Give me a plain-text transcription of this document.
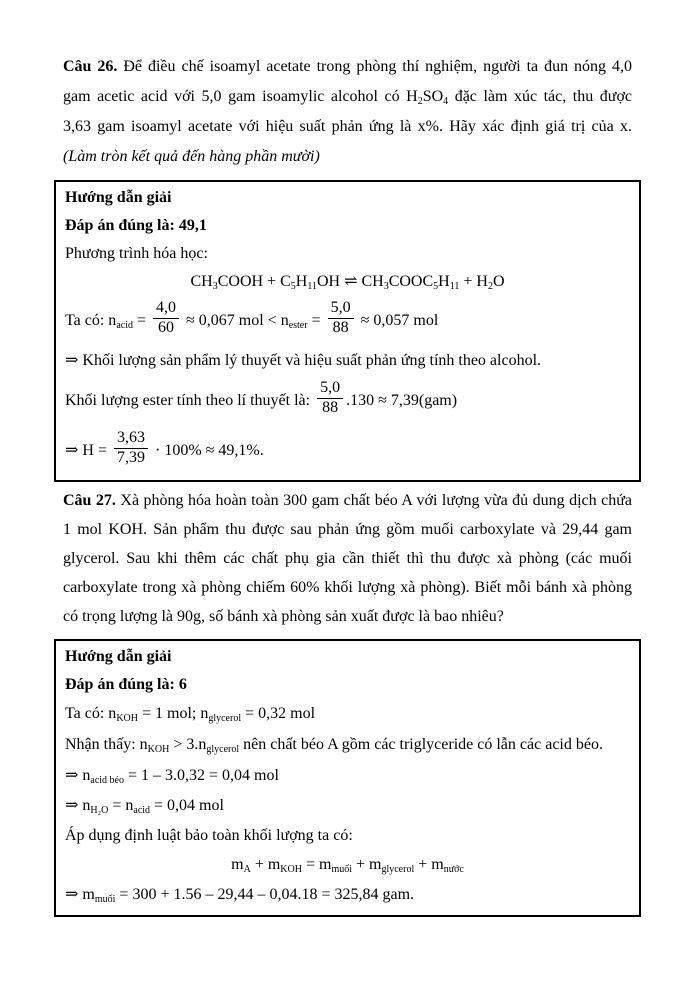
Câu 26. Để điều chế isoamyl acetate trong phòng thí nghiệm, người ta đun nóng 4,0
gam acetic acid với 5,0 gam isoamylic alcohol có $H_2SO_4$ đặc làm xúc tác, thu được
3,63 gam isoamyl acetate với hiệu suất phản ứng là x%. Hãy xác định giá trị của x.
(Làm tròn kết quả đến hàng phần mười)
Hướng dẫn giải
Đáp án đúng là: 49,1
Phương trình hóa học:
$CH_3COOH + C_5H_{11}OH$ ⇌ $CH_3COOC_5H_{11} + H_2O$
Ta có: $n_{acid} = \frac{4,0}{60} \approx 0,067$ mol < $n_{ester} = \frac{5,0}{88} \approx 0,057$ mol
⇒ Khối lượng sản phẩm lý thuyết và hiệu suất phản ứng tính theo alcohol.
Khối lượng ester tính theo lí thuyết là: $\frac{5,0}{88} .130 \approx 7,39(gam)$
⇒ $H = \frac{3,63}{7,39} \cdot 100\% \approx 49,1\%$.
Câu 27. Xà phòng hóa hoàn toàn 300 gam chất béo A với lượng vừa đủ dung dịch chứa
1 mol KOH. Sản phẩm thu được sau phản ứng gồm muối carboxylate và 29,44 gam
glycerol. Sau khi thêm các chất phụ gia cần thiết thì thu được xà phòng (các muối
carboxylate trong xà phòng chiếm 60% khối lượng xà phòng). Biết mỗi bánh xà phòng
có trọng lượng là 90g, số bánh xà phòng sản xuất được là bao nhiêu?
Hướng dẫn giải
Đáp án đúng là: 6
Ta có: $n_{KOH} = 1$ mol; $n_{glycerol} = 0,32$ mol
Nhận thấy: $n_{KOH} > 3.n_{glycerol}$ nên chất béo A gồm các triglyceride có lẫn các acid béo.
⇒ $n_{acid béo} = 1 - 3.0,32 = 0,04$ mol
⇒ $n_{H_2O} = n_{acid} = 0,04$ mol
Áp dụng định luật bảo toàn khối lượng ta có:
$m_A + m_{KOH} = m_{muối} + m_{glycerol} + m_{nước}$
⇒ $m_{muối} = 300 + 1.56 - 29,44 - 0,04.18 = 325,84$ gam.
